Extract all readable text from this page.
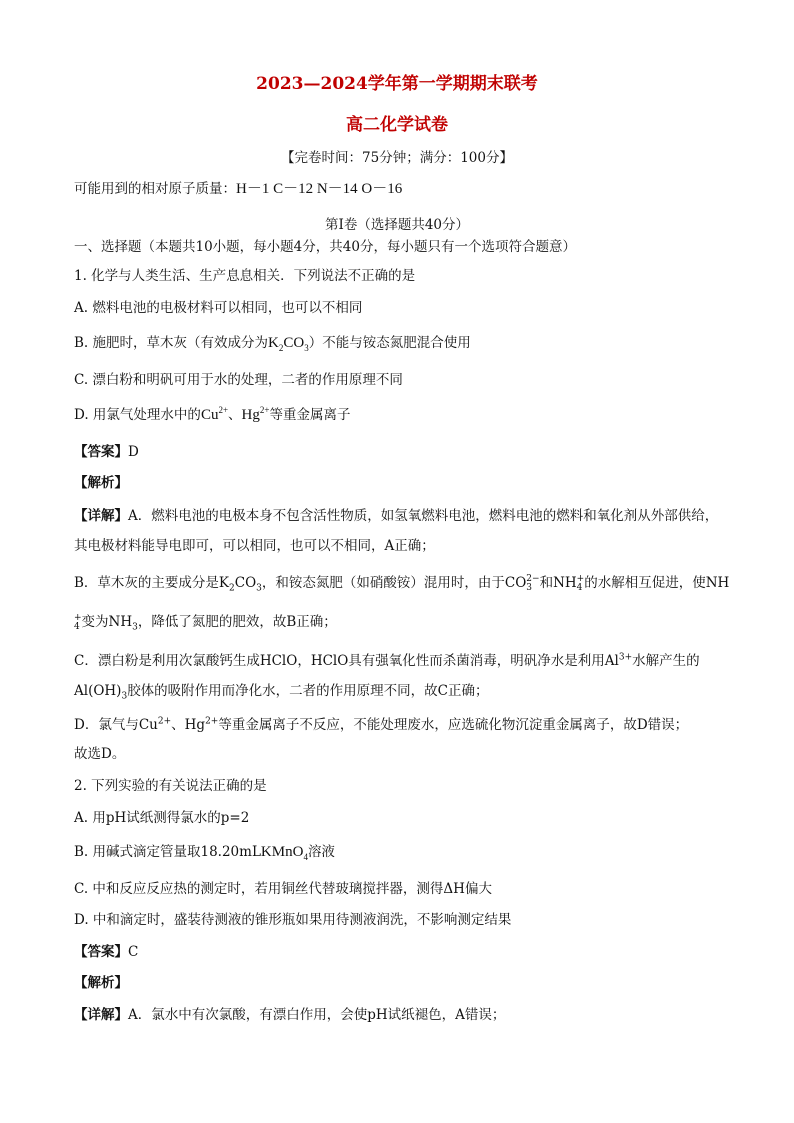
2023—2024学年第一学期期末联考
高二化学试卷
【完卷时间：75分钟；满分：100分】
可能用到的相对原子质量：H－1 C－12 N－14 O－16
第Ⅰ卷（选择题共40分）
一、选择题（本题共10小题，每小题4分，共40分，每小题只有一个选项符合题意）
1. 化学与人类生活、生产息息相关．下列说法不正确的是
A. 燃料电池的电极材料可以相同，也可以不相同
B. 施肥时，草木灰（有效成分为$K_2CO_3$）不能与铵态氮肥混合使用
C. 漂白粉和明矾可用于水的处理，二者的作用原理不同
D. 用氯气处理水中的$Cu^{2+}$、$Hg^{2+}$等重金属离子
【答案】D
【解析】
【详解】A．燃料电池的电极本身不包含活性物质，如氢氧燃料电池，燃料电池的燃料和氧化剂从外部供给，
其电极材料能导电即可，可以相同，也可以不相同，A正确；
B．草木灰的主要成分是$K_2CO_3$，和铵态氮肥（如硝酸铵）混用时，由于CO 2−
3 和NH +
4 的水解相互促进，使NH
+
4 变为$NH_3$，降低了氮肥的肥效，故B正确；
C．漂白粉是利用次氯酸钙生成HClO，HClO具有强氧化性而杀菌消毒，明矾净水是利用$Al^{3+}$水解产生的
$Al(OH)_3$胶体的吸附作用而净化水，二者的作用原理不同，故C正确；
D．氯气与$Cu^{2+}$、$Hg^{2+}$等重金属离子不反应，不能处理废水，应选硫化物沉淀重金属离子，故D错误；
故选D。
2. 下列实验的有关说法正确的是
A. 用pH试纸测得氯水的p=2
B. 用碱式滴定管量取18.20mLKMnO$_4$溶液
C. 中和反应反应热的测定时，若用铜丝代替玻璃搅拌器，测得ΔH偏大
D. 中和滴定时，盛装待测液的锥形瓶如果用待测液润洗，不影响测定结果
【答案】C
【解析】
【详解】A．氯水中有次氯酸，有漂白作用，会使pH试纸褪色，A错误；
